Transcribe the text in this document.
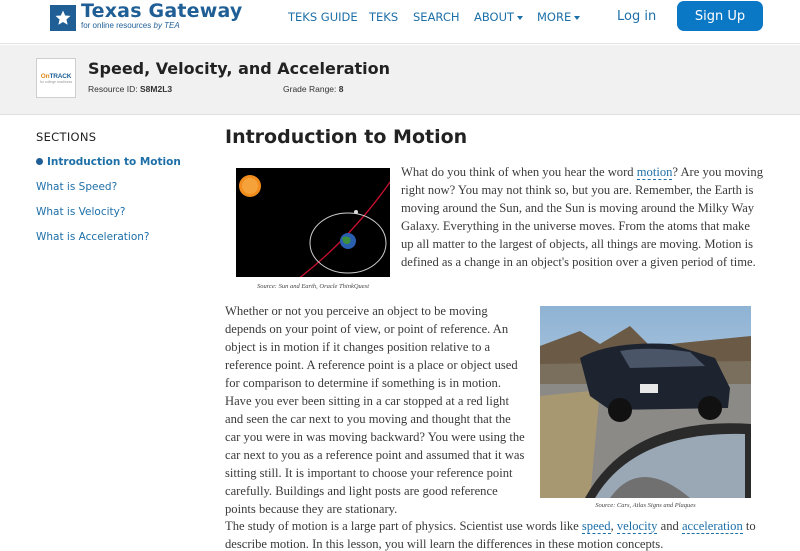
Texas Gateway
for online resources by TEA
TEKS GUIDE TEKS SEARCH ABOUT	MORE	Log in	Sign Up
OnTRACK
for college readiness
Speed, Velocity, and Acceleration
Resource ID: S8M2L3	Grade Range: 8
SECTIONS
Introduction to Motion
What is Speed?
What is Velocity?
What is Acceleration?
Introduction to Motion
Source: Sun and Earth, Oracle ThinkQuest
What do you think of when you hear the word motion? Are you moving right now? You may not think so, but you are. Remember, the Earth is moving around the Sun, and the Sun is moving around the Milky Way Galaxy. Everything in the universe moves. From the atoms that make up all matter to the largest of objects, all things are moving. Motion is defined as a change in an object's position over a given period of time.
Whether or not you perceive an object to be moving depends on your point of view, or point of reference. An object is in motion if it changes position relative to a reference point. A reference point is a place or object used for comparison to determine if something is in motion. Have you ever been sitting in a car stopped at a red light and seen the car next to you moving and thought that the car you were in was moving backward? You were using the car next to you as a reference point and assumed that it was sitting still. It is important to choose your reference point carefully. Buildings and light posts are good reference points because they are stationary.	Source: Cars, Atlas Signs and Plaques
The study of motion is a large part of physics. Scientist use words like speed, velocity and acceleration to describe motion. In this lesson, you will learn the differences in these motion concepts.
